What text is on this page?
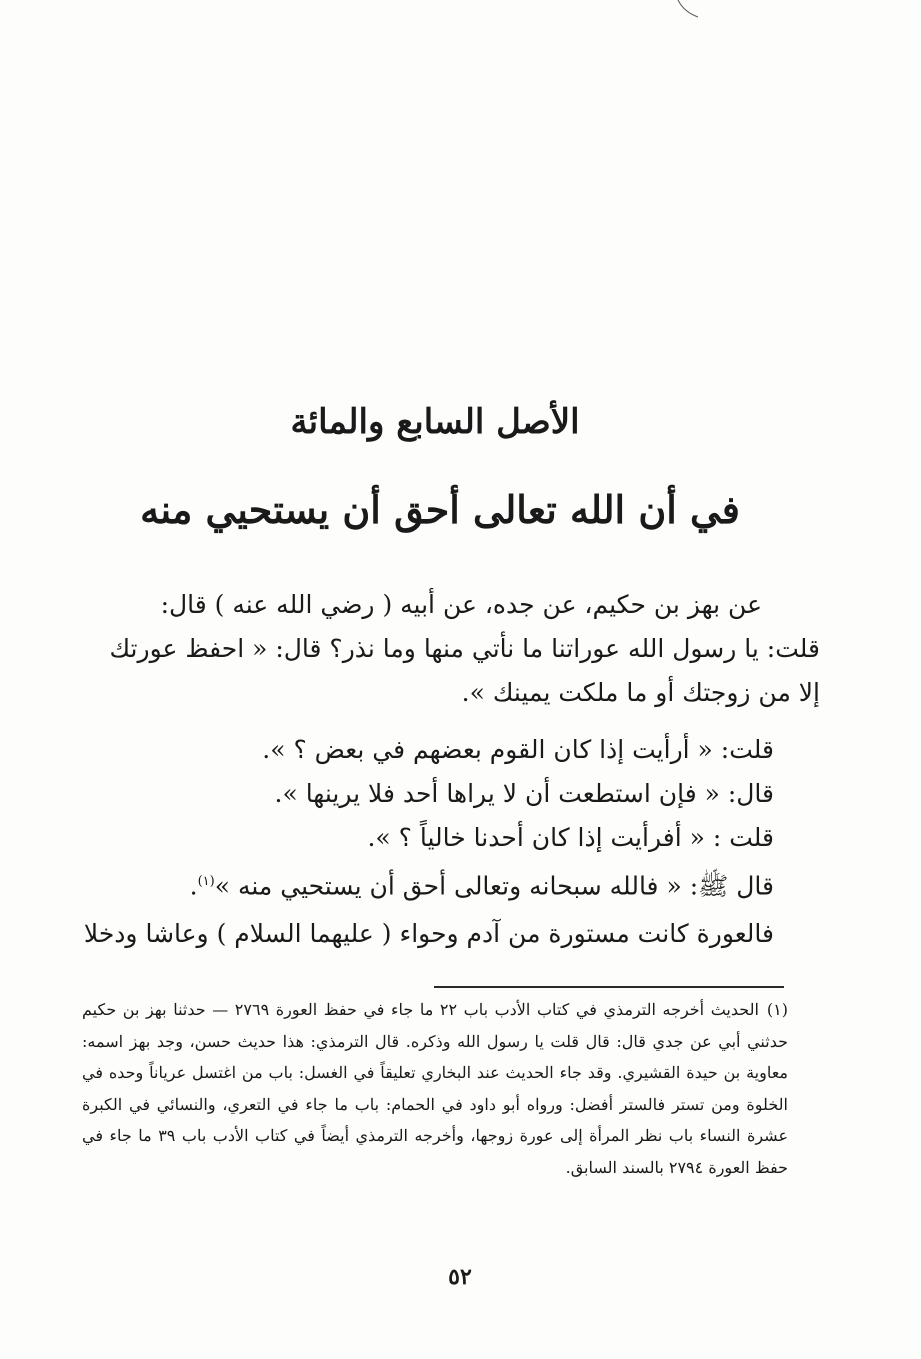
الأصل السابع والمائة
في أن الله تعالى أحق أن يستحيي منه

عن بهز بن حكيم، عن جده، عن أبيه ( رضي الله عنه ) قال:

قلت: يا رسول الله عوراتنا ما نأتي منها وما نذر؟ قال: « احفظ عورتك

إلا من زوجتك أو ما ملكت يمينك ».

قلت: « أرأيت إذا كان القوم بعضهم في بعض ؟ ».

قال: « فإن استطعت أن لا يراها أحد فلا يرينها ».

قلت : « أفرأيت إذا كان أحدنا خالياً ؟ ».

قال ﷺ: « فالله سبحانه وتعالى أحق أن يستحيي منه »$^{(١)}$.

فالعورة كانت مستورة من آدم وحواء ( عليهما السلام ) وعاشا ودخلا

(١)الحديث أخرجه الترمذي في كتاب الأدب باب ٢٢ ما جاء في حفظ العورة ٢٧٦٩ — حدثنا بهز بن حكيم حدثني أبي عن جدي قال: قال قلت يا رسول الله وذكره. قال الترمذي: هذا حديث حسن، وجد بهز اسمه: معاوية بن حيدة القشيري. وقد جاء الحديث عند البخاري تعليقاً في الغسل: باب من اغتسل عرياناً وحده في الخلوة ومن تستر فالستر أفضل: ورواه أبو داود في الحمام: باب ما جاء في التعري، والنسائي في الكبرة عشرة النساء باب نظر المرأة إلى عورة زوجها، وأخرجه الترمذي أيضاً في كتاب الأدب باب ٣٩ ما جاء في حفظ العورة ٢٧٩٤ بالسند السابق.
٥٢
